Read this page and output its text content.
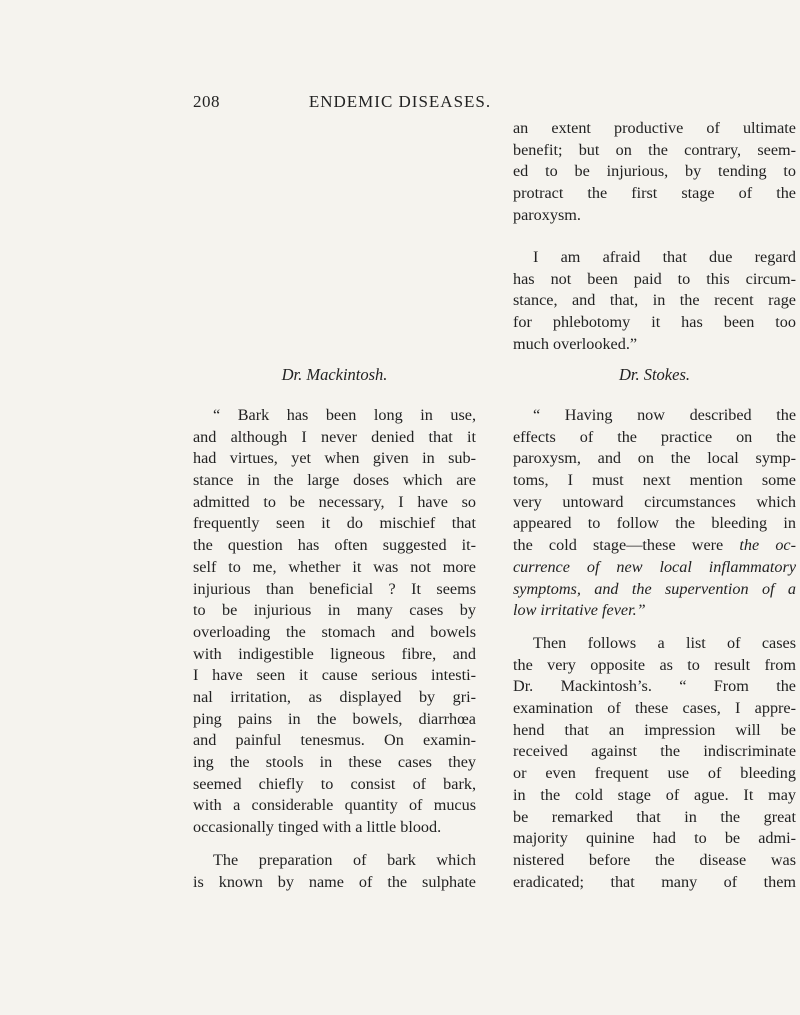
208	ENDEMIC DISEASES.
an extent productive of ultimate
benefit; but on the contrary, seem-
ed to be injurious, by tending to
protract the first stage of the
paroxysm.
I am afraid that due regard
has not been paid to this circum-
stance, and that, in the recent rage
for phlebotomy it has been too
much overlooked.”
Dr. Mackintosh.	Dr. Stokes.
“ Bark has been long in use,
and although I never denied that it
had virtues, yet when given in sub-
stance in the large doses which are
admitted to be necessary, I have so
frequently seen it do mischief that
the question has often suggested it-
self to me, whether it was not more
injurious than beneficial ? It seems
to be injurious in many cases by
overloading the stomach and bowels
with indigestible ligneous fibre, and
I have seen it cause serious intesti-
nal irritation, as displayed by gri-
ping pains in the bowels, diarrhœa
and painful tenesmus. On examin-
ing the stools in these cases they
seemed chiefly to consist of bark,
with a considerable quantity of mucus
occasionally tinged with a little blood.
The preparation of bark which
is known by name of the sulphate
“ Having now described the
effects of the practice on the
paroxysm, and on the local symp-
toms, I must next mention some
very untoward circumstances which
appeared to follow the bleeding in
the cold stage—these were the oc-
currence of new local inflammatory
symptoms, and the supervention of a
low irritative fever.”
Then follows a list of cases
the very opposite as to result from
Dr. Mackintosh’s. “ From the
examination of these cases, I appre-
hend that an impression will be
received against the indiscriminate
or even frequent use of bleeding
in the cold stage of ague. It may
be remarked that in the great
majority quinine had to be admi-
nistered before the disease was
eradicated; that many of them
